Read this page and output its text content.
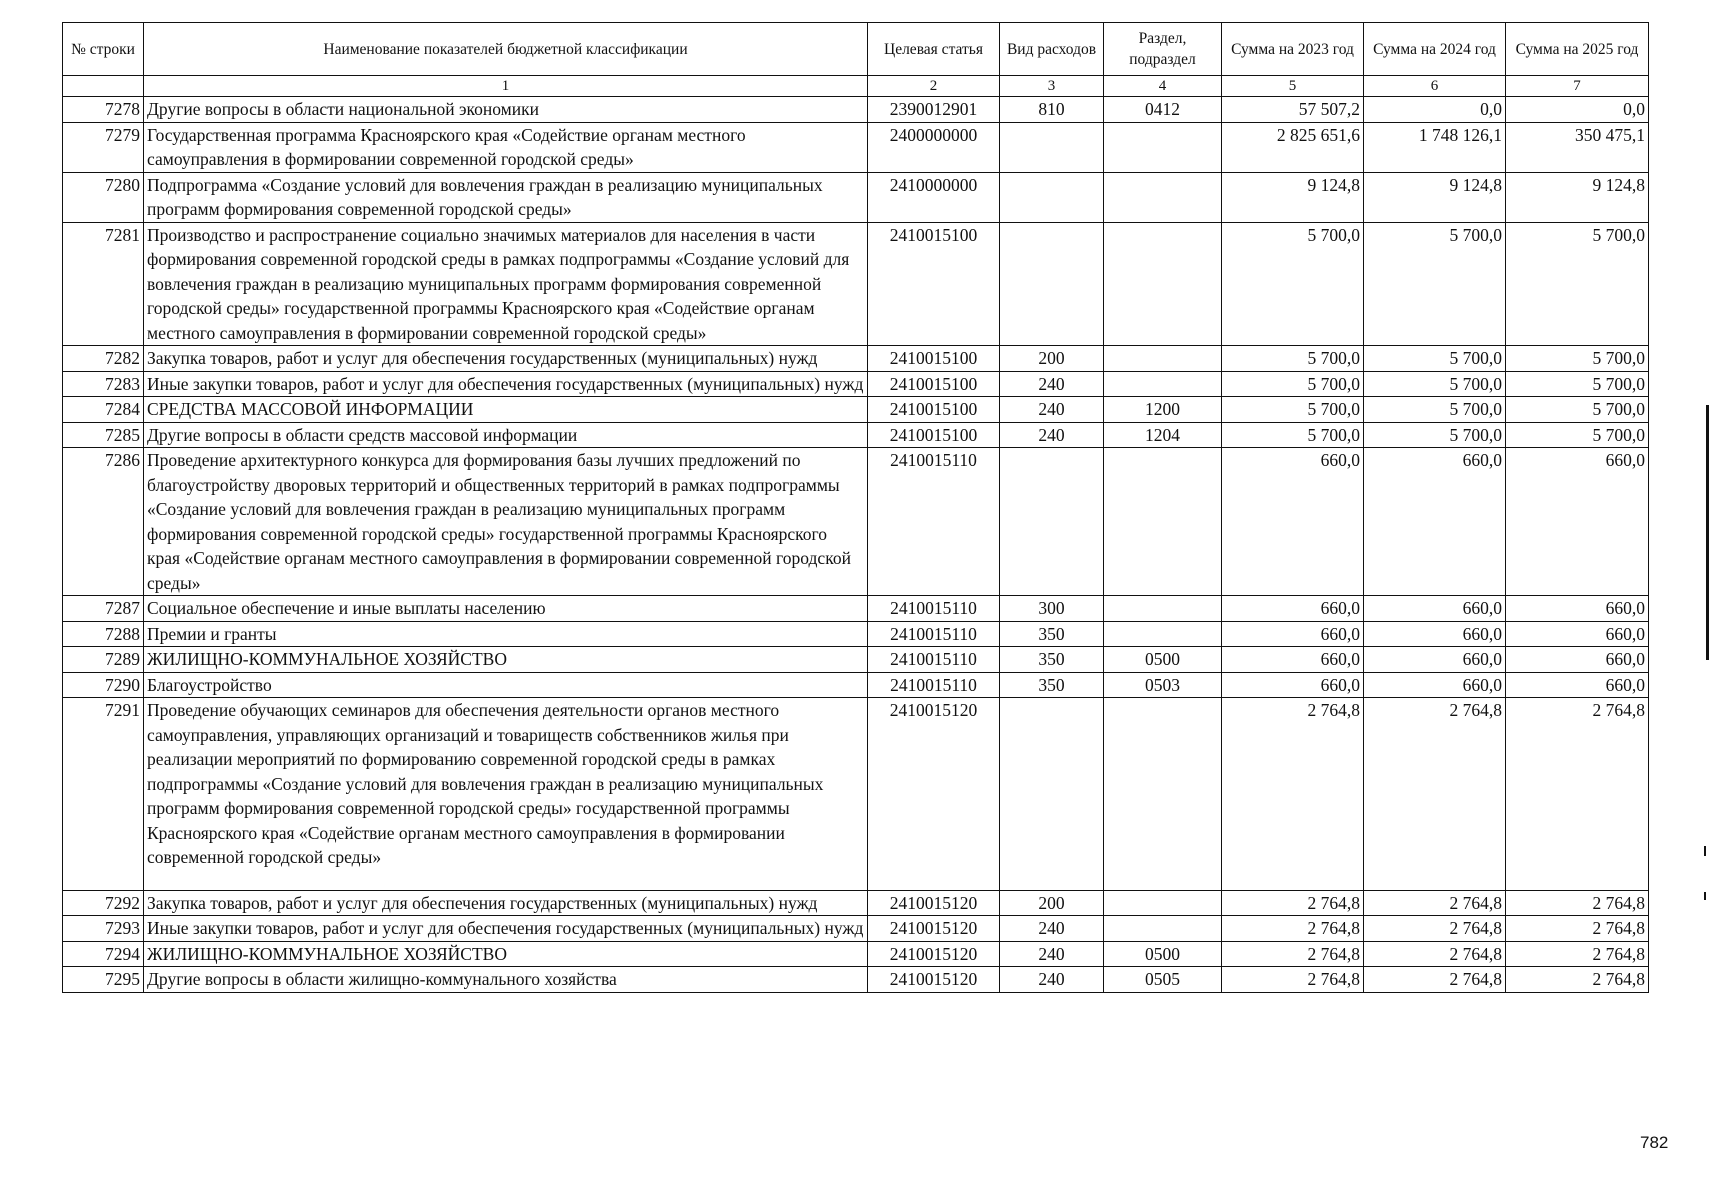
№ строки	Наименование показателей бюджетной классификации	Целевая статья	Вид расходов	Раздел, подраздел	Сумма на 2023 год	Сумма на 2024 год	Сумма на 2025 год
	1	2	3	4	5	6	7
7278	Другие вопросы в области национальной экономики	2390012901	810	0412	57 507,2	0,0	0,0
7279	Государственная программа Красноярского края «Содействие органам местного самоуправления в формировании современной городской среды»	2400000000			2 825 651,6	1 748 126,1	350 475,1
7280	Подпрограмма «Создание условий для вовлечения граждан в реализацию муниципальных программ формирования современной городской среды»	2410000000			9 124,8	9 124,8	9 124,8
7281	Производство и распространение социально значимых материалов для населения в части формирования современной городской среды в рамках подпрограммы «Создание условий для вовлечения граждан в реализацию муниципальных программ формирования современной городской среды» государственной программы Красноярского края «Содействие органам местного самоуправления в формировании современной городской среды»	2410015100			5 700,0	5 700,0	5 700,0
7282	Закупка товаров, работ и услуг для обеспечения государственных (муниципальных) нужд	2410015100	200		5 700,0	5 700,0	5 700,0
7283	Иные закупки товаров, работ и услуг для обеспечения государственных (муниципальных) нужд	2410015100	240		5 700,0	5 700,0	5 700,0
7284	СРЕДСТВА МАССОВОЙ ИНФОРМАЦИИ	2410015100	240	1200	5 700,0	5 700,0	5 700,0
7285	Другие вопросы в области средств массовой информации	2410015100	240	1204	5 700,0	5 700,0	5 700,0
7286	Проведение архитектурного конкурса для формирования базы лучших предложений по благоустройству дворовых территорий и общественных территорий в рамках подпрограммы «Создание условий для вовлечения граждан в реализацию муниципальных программ формирования современной городской среды» государственной программы Красноярского края «Содействие органам местного самоуправления в формировании современной городской среды»	2410015110			660,0	660,0	660,0
7287	Социальное обеспечение и иные выплаты населению	2410015110	300		660,0	660,0	660,0
7288	Премии и гранты	2410015110	350		660,0	660,0	660,0
7289	ЖИЛИЩНО-КОММУНАЛЬНОЕ ХОЗЯЙСТВО	2410015110	350	0500	660,0	660,0	660,0
7290	Благоустройство	2410015110	350	0503	660,0	660,0	660,0
7291	Проведение обучающих семинаров для обеспечения деятельности органов местного самоуправления, управляющих организаций и товариществ собственников жилья при реализации мероприятий по формированию современной городской среды в рамках подпрограммы «Создание условий для вовлечения граждан в реализацию муниципальных программ формирования современной городской среды» государственной программы Красноярского края «Содействие органам местного самоуправления в формировании современной городской среды»	2410015120			2 764,8	2 764,8	2 764,8
7292	Закупка товаров, работ и услуг для обеспечения государственных (муниципальных) нужд	2410015120	200		2 764,8	2 764,8	2 764,8
7293	Иные закупки товаров, работ и услуг для обеспечения государственных (муниципальных) нужд	2410015120	240		2 764,8	2 764,8	2 764,8
7294	ЖИЛИЩНО-КОММУНАЛЬНОЕ ХОЗЯЙСТВО	2410015120	240	0500	2 764,8	2 764,8	2 764,8
7295	Другие вопросы в области жилищно-коммунального хозяйства	2410015120	240	0505	2 764,8	2 764,8	2 764,8
782
